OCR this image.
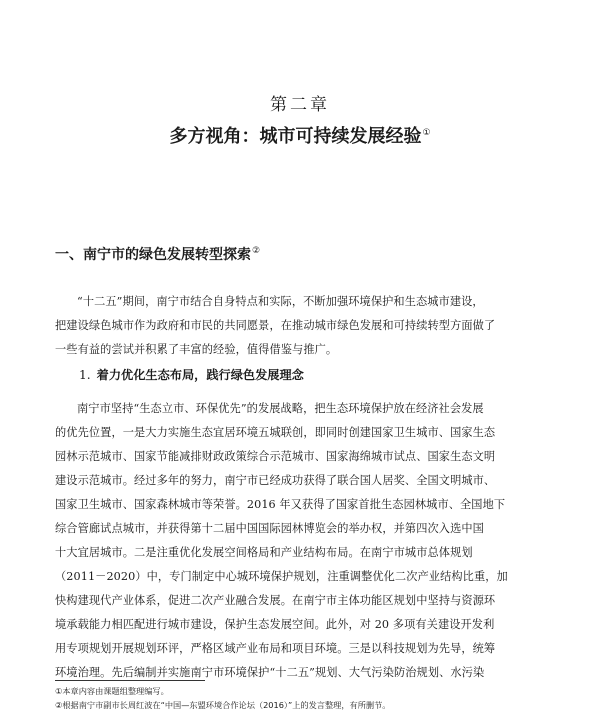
第二章
多方视角：城市可持续发展经验①
一、南宁市的绿色发展转型探索②
“十二五”期间，南宁市结合自身特点和实际，不断加强环境保护和生态城市建设，
把建设绿色城市作为政府和市民的共同愿景，在推动城市绿色发展和可持续转型方面做了
一些有益的尝试并积累了丰富的经验，值得借鉴与推广。
1. 着力优化生态布局，践行绿色发展理念
南宁市坚持“生态立市、环保优先”的发展战略，把生态环境保护放在经济社会发展
的优先位置，一是大力实施生态宜居环境五城联创，即同时创建国家卫生城市、国家生态
园林示范城市、国家节能减排财政政策综合示范城市、国家海绵城市试点、国家生态文明
建设示范城市。经过多年的努力，南宁市已经成功获得了联合国人居奖、全国文明城市、
国家卫生城市、国家森林城市等荣誉。2016 年又获得了国家首批生态园林城市、全国地下
综合管廊试点城市，并获得第十二届中国国际园林博览会的举办权，并第四次入选中国
十大宜居城市。二是注重优化发展空间格局和产业结构布局。在南宁市城市总体规划
（2011－2020）中，专门制定中心城环境保护规划，注重调整优化二次产业结构比重，加
快构建现代产业体系，促进二次产业融合发展。在南宁市主体功能区规划中坚持与资源环
境承载能力相匹配进行城市建设，保护生态发展空间。此外，对 20 多项有关建设开发利
用专项规划开展规划环评，严格区域产业布局和项目环境。三是以科技规划为先导，统筹
环境治理。先后编制并实施南宁市环境保护“十二五”规划、大气污染防治规划、水污染
①本章内容由课题组整理编写。
②根据南宁市副市长周红波在“中国—东盟环境合作论坛（2016）”上的发言整理，有所删节。
